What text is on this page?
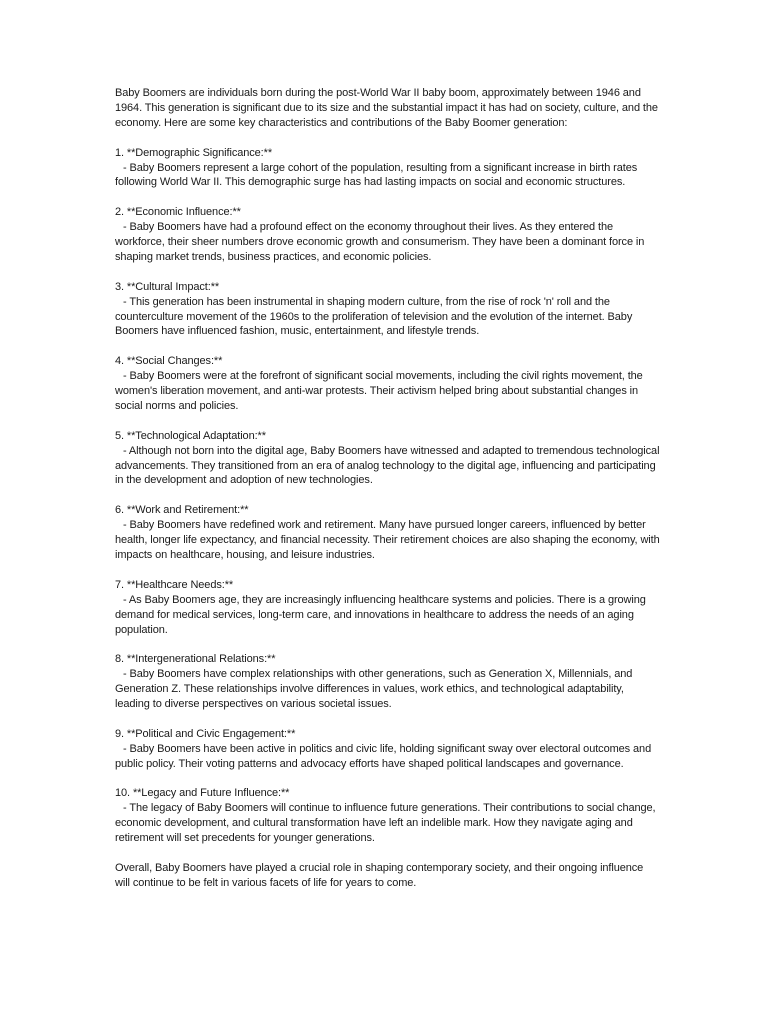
Baby Boomers are individuals born during the post-World War II baby boom, approximately between 1946 and 1964. This generation is significant due to its size and the substantial impact it has had on society, culture, and the economy. Here are some key characteristics and contributions of the Baby Boomer generation:

1. **Demographic Significance:**
- Baby Boomers represent a large cohort of the population, resulting from a significant increase in birth rates following World War II. This demographic surge has had lasting impacts on social and economic structures.
2. **Economic Influence:**
- Baby Boomers have had a profound effect on the economy throughout their lives. As they entered the workforce, their sheer numbers drove economic growth and consumerism. They have been a dominant force in shaping market trends, business practices, and economic policies.
3. **Cultural Impact:**
- This generation has been instrumental in shaping modern culture, from the rise of rock 'n' roll and the counterculture movement of the 1960s to the proliferation of television and the evolution of the internet. Baby Boomers have influenced fashion, music, entertainment, and lifestyle trends.
4. **Social Changes:**
- Baby Boomers were at the forefront of significant social movements, including the civil rights movement, the women's liberation movement, and anti-war protests. Their activism helped bring about substantial changes in social norms and policies.
5. **Technological Adaptation:**
- Although not born into the digital age, Baby Boomers have witnessed and adapted to tremendous technological advancements. They transitioned from an era of analog technology to the digital age, influencing and participating in the development and adoption of new technologies.
6. **Work and Retirement:**
- Baby Boomers have redefined work and retirement. Many have pursued longer careers, influenced by better health, longer life expectancy, and financial necessity. Their retirement choices are also shaping the economy, with impacts on healthcare, housing, and leisure industries.
7. **Healthcare Needs:**
- As Baby Boomers age, they are increasingly influencing healthcare systems and policies. There is a growing demand for medical services, long-term care, and innovations in healthcare to address the needs of an aging population.
8. **Intergenerational Relations:**
- Baby Boomers have complex relationships with other generations, such as Generation X, Millennials, and Generation Z. These relationships involve differences in values, work ethics, and technological adaptability, leading to diverse perspectives on various societal issues.
9. **Political and Civic Engagement:**
- Baby Boomers have been active in politics and civic life, holding significant sway over electoral outcomes and public policy. Their voting patterns and advocacy efforts have shaped political landscapes and governance.
10. **Legacy and Future Influence:**
- The legacy of Baby Boomers will continue to influence future generations. Their contributions to social change, economic development, and cultural transformation have left an indelible mark. How they navigate aging and retirement will set precedents for younger generations.

Overall, Baby Boomers have played a crucial role in shaping contemporary society, and their ongoing influence will continue to be felt in various facets of life for years to come.
